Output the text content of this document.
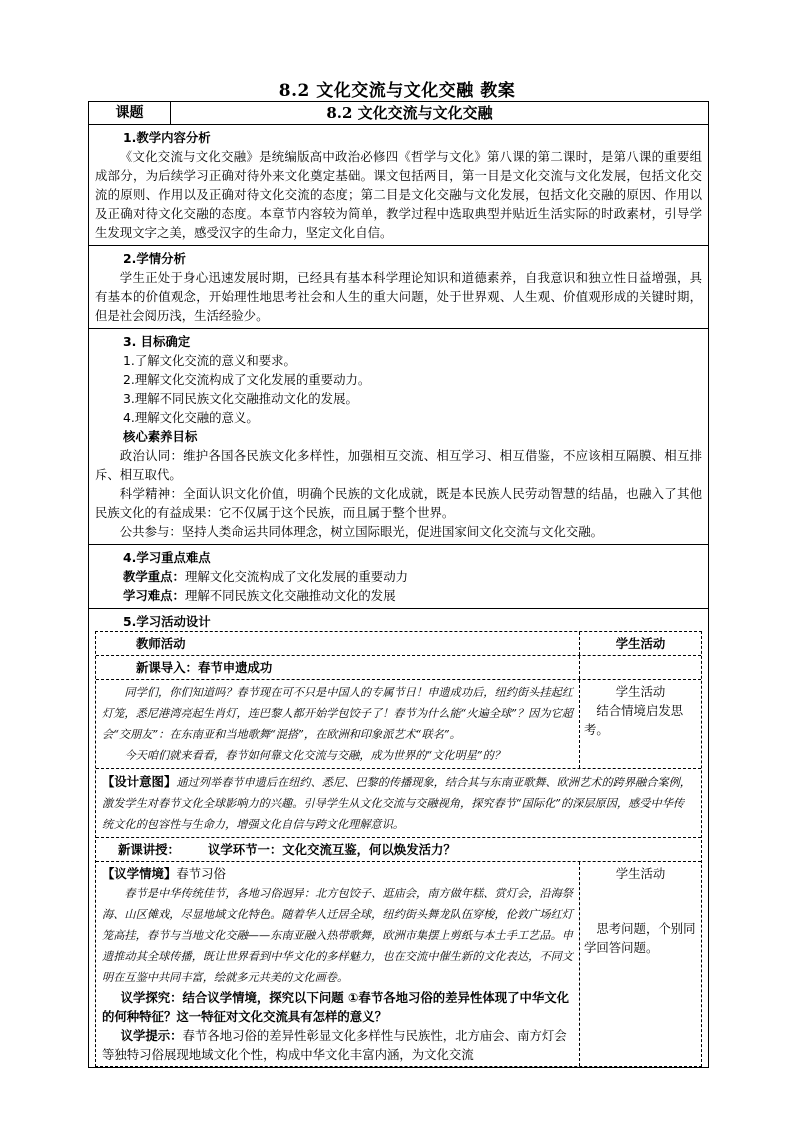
8.2 文化交流与文化交融 教案
课题	8.2 文化交流与文化交融
1.教学内容分析

《文化交流与文化交融》是统编版高中政治必修四《哲学与文化》第八课的第二课时，是第八课的重要组成部分，为后续学习正确对待外来文化奠定基础。课文包括两目，第一目是文化交流与文化发展，包括文化交流的原则、作用以及正确对待文化交流的态度；第二目是文化交融与文化发展，包括文化交融的原因、作用以及正确对待文化交融的态度。本章节内容较为简单，教学过程中选取典型并贴近生活实际的时政素材，引导学生发现文字之美，感受汉字的生命力，坚定文化自信。

2.学情分析

学生正处于身心迅速发展时期，已经具有基本科学理论知识和道德素养，自我意识和独立性日益增强，具有基本的价值观念，开始理性地思考社会和人生的重大问题，处于世界观、人生观、价值观形成的关键时期，但是社会阅历浅，生活经验少。

3. 目标确定
1.了解文化交流的意义和要求。
2.理解文化交流构成了文化发展的重要动力。
3.理解不同民族文化交融推动文化的发展。
4.理解文化交融的意义。
核心素养目标

政治认同：维护各国各民族文化多样性，加强相互交流、相互学习、相互借鉴，不应该相互隔膜、相互排斥、相互取代。

科学精神：全面认识文化价值，明确个民族的文化成就，既是本民族人民劳动智慧的结晶，也融入了其他民族文化的有益成果：它不仅属于这个民族，而且属于整个世界。

公共参与：坚持人类命运共同体理念，树立国际眼光，促进国家间文化交流与文化交融。

4.学习重点难点
教学重点：理解文化交流构成了文化发展的重要动力
学习难点：理解不同民族文化交融推动文化的发展
5.学习活动设计
教师活动	学生活动
新课导入：春节申遗成功

同学们，你们知道吗？春节现在可不只是中国人的专属节日！申遗成功后，纽约街头挂起红灯笼，悉尼港湾亮起生肖灯，连巴黎人都开始学包饺子了！春节为什么能“火遍全球”？因为它超会“交朋友”：在东南亚和当地歌舞“混搭”，在欧洲和印象派艺术“联名”。

今天咱们就来看看，春节如何靠文化交流与交融，成为世界的“文化明星”的？

学生活动
结合情境启发思考。
【设计意图】通过列举春节申遗后在纽约、悉尼、巴黎的传播现象，结合其与东南亚歌舞、欧洲艺术的跨界融合案例，激发学生对春节文化全球影响力的兴趣。引导学生从文化交流与交融视角，探究春节“国际化”的深层原因，感受中华传统文化的包容性与生命力，增强文化自信与跨文化理解意识。
新课讲授： 议学环节一：文化交流互鉴，何以焕发活力？
【议学情境】春节习俗

春节是中华传统佳节，各地习俗迥异：北方包饺子、逛庙会，南方做年糕、赏灯会，沿海祭海、山区傩戏，尽显地域文化特色。随着华人迁居全球，纽约街头舞龙队伍穿梭，伦敦广场红灯笼高挂，春节与当地文化交融——东南亚融入热带歌舞，欧洲市集摆上剪纸与本土手工艺品。申遗推动其全球传播，既让世界看到中华文化的多样魅力，也在交流中催生新的文化表达，不同文明在互鉴中共同丰富，绘就多元共美的文化画卷。

议学探究：结合议学情境，探究以下问题 ①春节各地习俗的差异性体现了中华文化的何种特征？这一特征对文化交流具有怎样的意义？

议学提示：春节各地习俗的差异性彰显文化多样性与民族性，北方庙会、南方灯会等独特习俗展现地域文化个性，构成中华文化丰富内涵，为文化交流

学生活动
思考问题，个别同学回答问题。
